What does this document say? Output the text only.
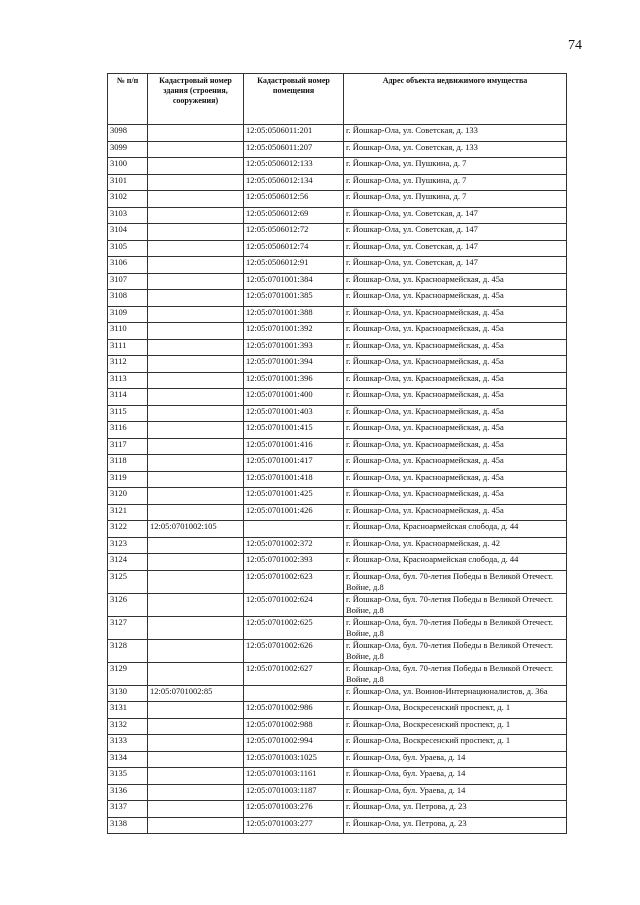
74
№ п/п	Кадастровый номер здания (строения, сооружения)	Кадастровый номер помещения	Адрес объекта недвижимого имущества
3098		12:05:0506011:201	г. Йошкар-Ола, ул. Советская, д. 133
3099		12:05:0506011:207	г. Йошкар-Ола, ул. Советская, д. 133
3100		12:05:0506012:133	г. Йошкар-Ола, ул. Пушкина, д. 7
3101		12:05:0506012:134	г. Йошкар-Ола, ул. Пушкина, д. 7
3102		12:05:0506012:56	г. Йошкар-Ола, ул. Пушкина, д. 7
3103		12:05:0506012:69	г. Йошкар-Ола, ул. Советская, д. 147
3104		12:05:0506012:72	г. Йошкар-Ола, ул. Советская, д. 147
3105		12:05:0506012:74	г. Йошкар-Ола, ул. Советская, д. 147
3106		12:05:0506012:91	г. Йошкар-Ола, ул. Советская, д. 147
3107		12:05:0701001:384	г. Йошкар-Ола, ул. Красноармейская, д. 45а
3108		12:05:0701001:385	г. Йошкар-Ола, ул. Красноармейская, д. 45а
3109		12:05:0701001:388	г. Йошкар-Ола, ул. Красноармейская, д. 45а
3110		12:05:0701001:392	г. Йошкар-Ола, ул. Красноармейская, д. 45а
3111		12:05:0701001:393	г. Йошкар-Ола, ул. Красноармейская, д. 45а
3112		12:05:0701001:394	г. Йошкар-Ола, ул. Красноармейская, д. 45а
3113		12:05:0701001:396	г. Йошкар-Ола, ул. Красноармейская, д. 45а
3114		12:05:0701001:400	г. Йошкар-Ола, ул. Красноармейская, д. 45а
3115		12:05:0701001:403	г. Йошкар-Ола, ул. Красноармейская, д. 45а
3116		12:05:0701001:415	г. Йошкар-Ола, ул. Красноармейская, д. 45а
3117		12:05:0701001:416	г. Йошкар-Ола, ул. Красноармейская, д. 45а
3118		12:05:0701001:417	г. Йошкар-Ола, ул. Красноармейская, д. 45а
3119		12:05:0701001:418	г. Йошкар-Ола, ул. Красноармейская, д. 45а
3120		12:05:0701001:425	г. Йошкар-Ола, ул. Красноармейская, д. 45а
3121		12:05:0701001:426	г. Йошкар-Ола, ул. Красноармейская, д. 45а
3122	12:05:0701002:105		г. Йошкар-Ола, Красноармейская слобода, д. 44
3123		12:05:0701002:372	г. Йошкар-Ола, ул. Красноармейская, д. 42
3124		12:05:0701002:393	г. Йошкар-Ола, Красноармейская слобода, д. 44
3125		12:05:0701002:623	г. Йошкар-Ола, бул. 70-летия Победы в Великой Отечест. Войне, д.8
3126		12:05:0701002:624	г. Йошкар-Ола, бул. 70-летия Победы в Великой Отечест. Войне, д.8
3127		12:05:0701002:625	г. Йошкар-Ола, бул. 70-летия Победы в Великой Отечест. Войне, д.8
3128		12:05:0701002:626	г. Йошкар-Ола, бул. 70-летия Победы в Великой Отечест. Войне, д.8
3129		12:05:0701002:627	г. Йошкар-Ола, бул. 70-летия Победы в Великой Отечест. Войне, д.8
3130	12:05:0701002:85		г. Йошкар-Ола, ул. Воинов-Интернационалистов, д. 36а
3131		12:05:0701002:986	г. Йошкар-Ола, Воскресенский проспект, д. 1
3132		12:05:0701002:988	г. Йошкар-Ола, Воскресенский проспект, д. 1
3133		12:05:0701002:994	г. Йошкар-Ола, Воскресенский проспект, д. 1
3134		12:05:0701003:1025	г. Йошкар-Ола, бул. Ураева, д. 14
3135		12:05:0701003:1161	г. Йошкар-Ола, бул. Ураева, д. 14
3136		12:05:0701003:1187	г. Йошкар-Ола, бул. Ураева, д. 14
3137		12:05:0701003:276	г. Йошкар-Ола, ул. Петрова, д. 23
3138		12:05:0701003:277	г. Йошкар-Ола, ул. Петрова, д. 23
